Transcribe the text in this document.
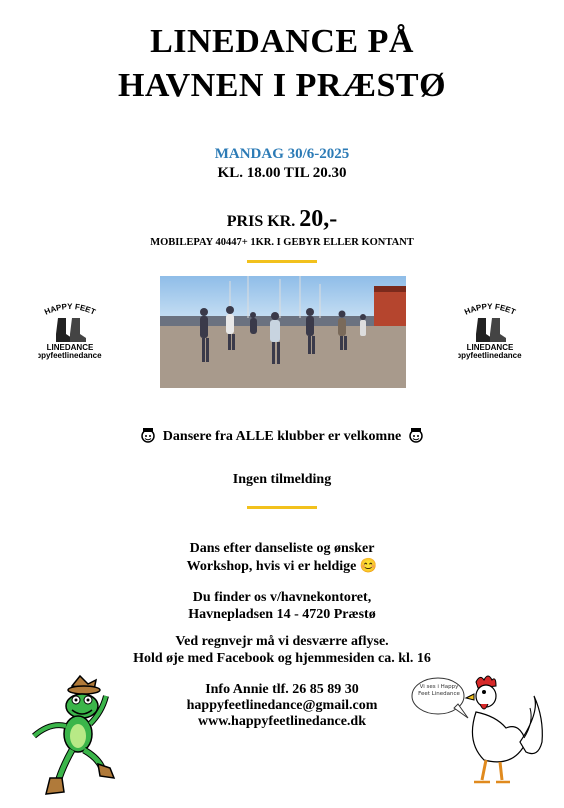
LINEDANCE PÅ
HAVNEN I PRÆSTØ
MANDAG 30/6-2025
KL. 18.00 TIL 20.30
PRIS KR. 20,-
MOBILEPAY 40447+ 1KR. I GEBYR ELLER KONTANT
HAPPY FEET
LINEDANCE
ppyfeetlinedance
HAPPY FEET
LINEDANCE
ppyfeetlinedance
Dansere fra ALLE klubber er velkomne
Ingen tilmelding
Dans efter danseliste og ønsker
Workshop, hvis vi er heldige 😊
Du finder os v/havnekontoret,
Havnepladsen 14 - 4720 Præstø
Ved regnvejr må vi desværre aflyse.
Hold øje med Facebook og hjemmesiden ca. kl. 16
Info Annie tlf. 26 85 89 30
happyfeetlinedance@gmail.com
www.happyfeetlinedance.dk
Vi ses i Happy Feet Linedance
